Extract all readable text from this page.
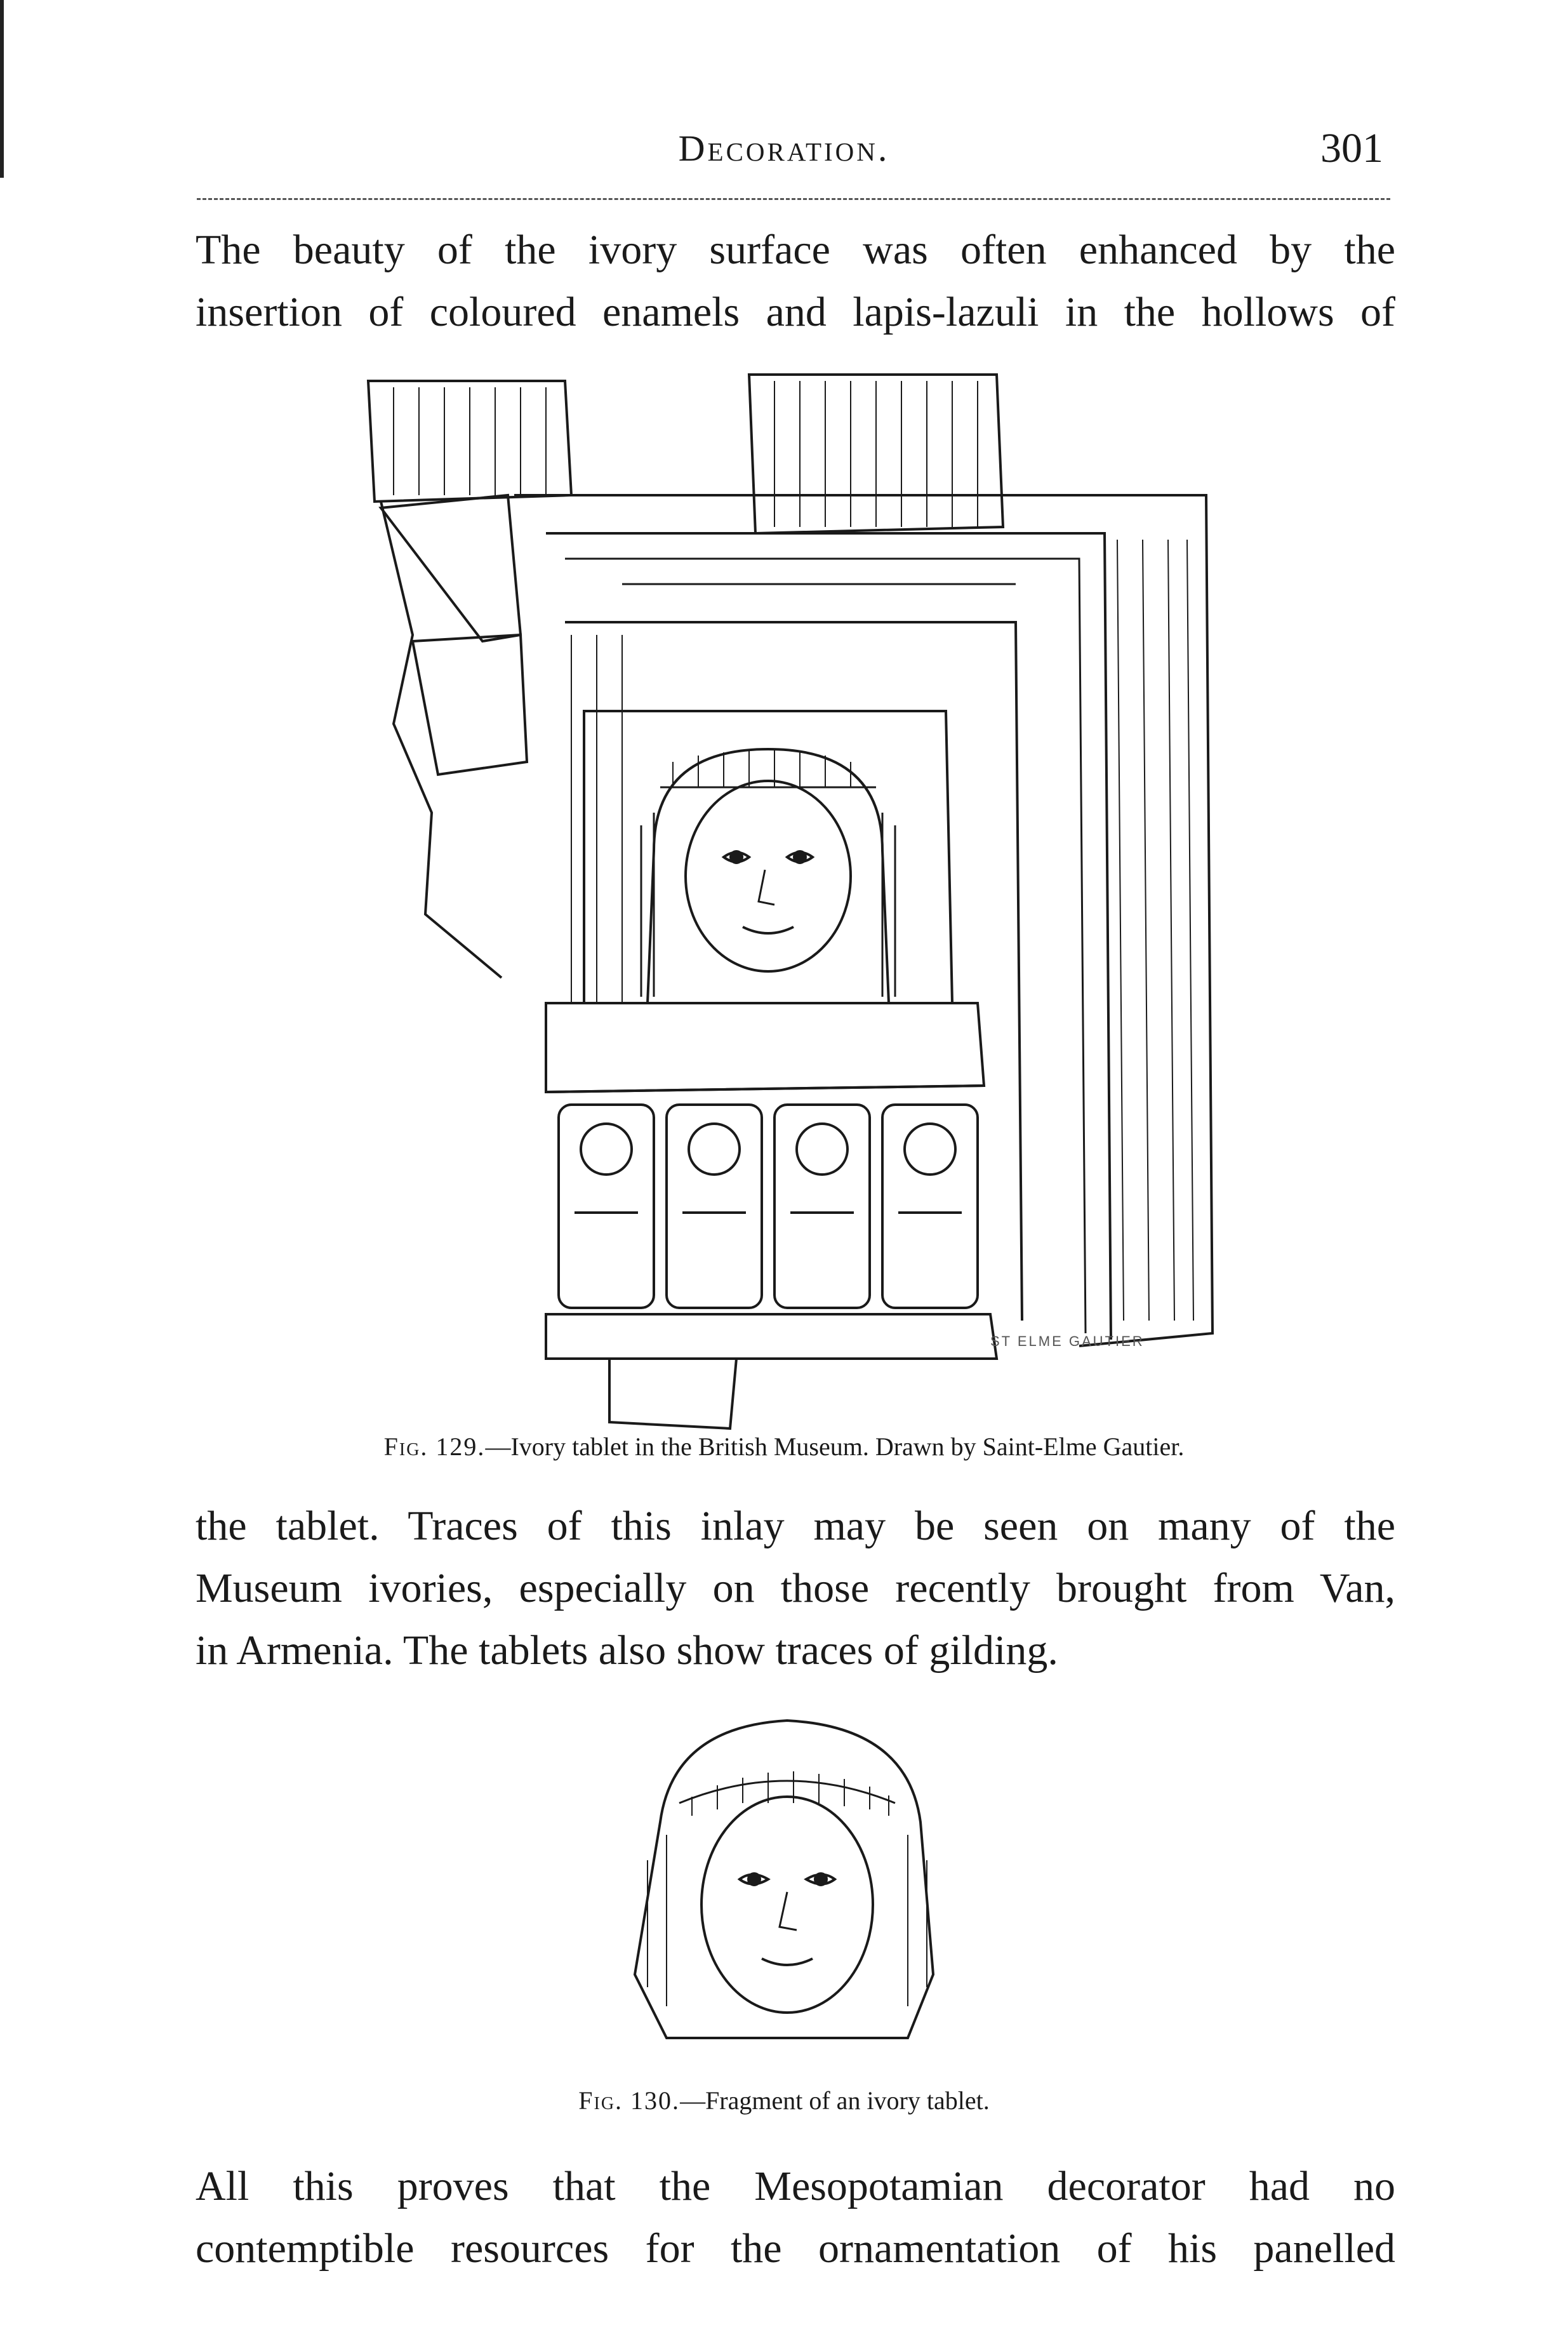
Decoration.	301
The beauty of the ivory surface was often enhanced by the
insertion of coloured enamels and lapis-lazuli in the hollows of
ST ELME GAUTIER
Fig. 129.—Ivory tablet in the British Museum. Drawn by Saint-Elme Gautier.
the tablet. Traces of this inlay may be seen on many of the
Museum ivories, especially on those recently brought from Van,
in Armenia. The tablets also show traces of gilding.
Fig. 130.—Fragment of an ivory tablet.
All this proves that the Mesopotamian decorator had no
contemptible resources for the ornamentation of his panelled
